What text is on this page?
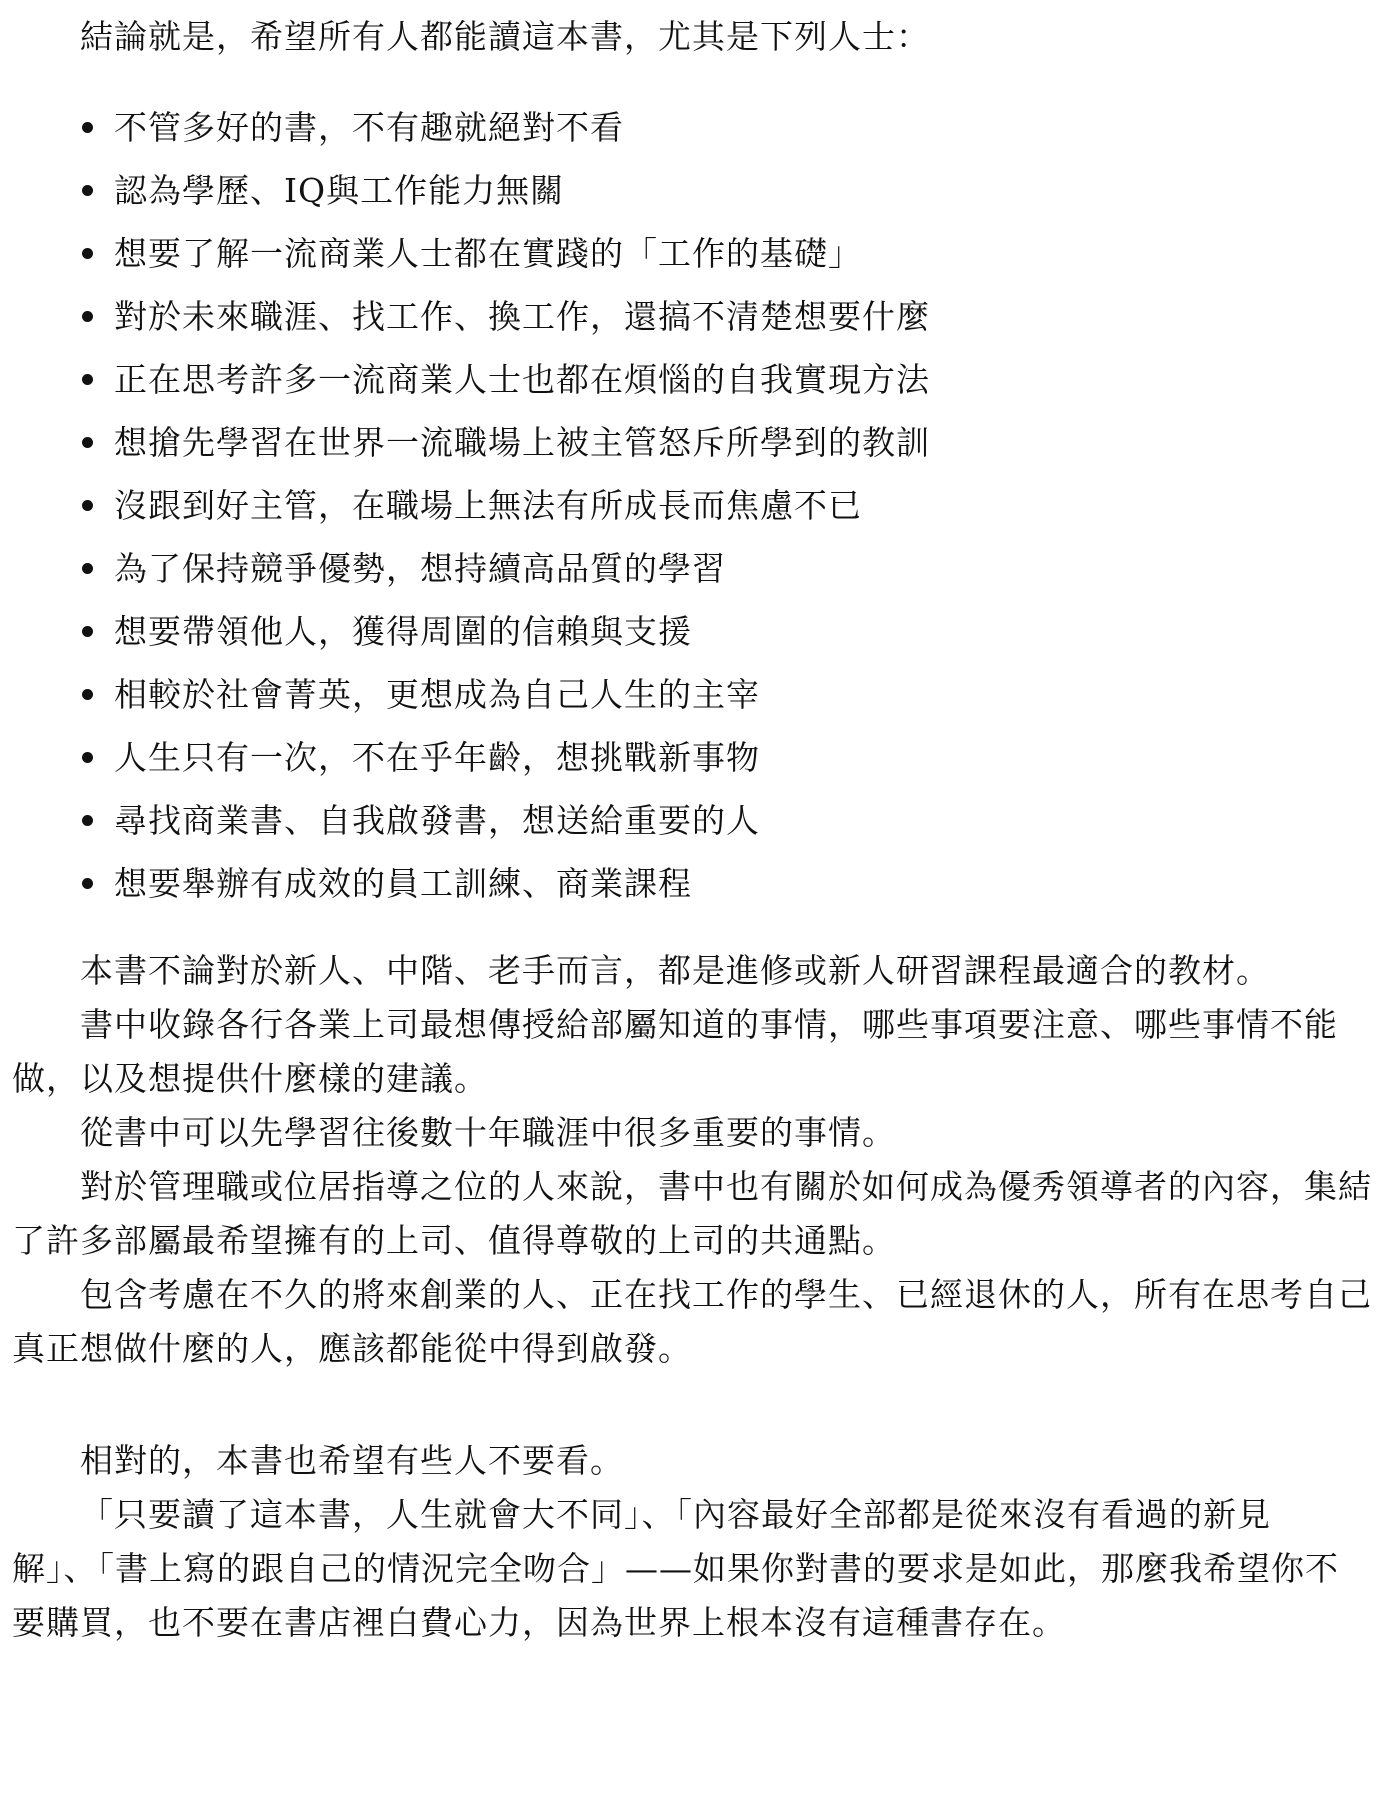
結論就是，希望所有人都能讀這本書，尤其是下列人士：
不管多好的書，不有趣就絕對不看
認為學歷、IQ與工作能力無關
想要了解一流商業人士都在實踐的「工作的基礎」
對於未來職涯、找工作、換工作，還搞不清楚想要什麼
正在思考許多一流商業人士也都在煩惱的自我實現方法
想搶先學習在世界一流職場上被主管怒斥所學到的教訓
沒跟到好主管，在職場上無法有所成長而焦慮不已
為了保持競爭優勢，想持續高品質的學習
想要帶領他人，獲得周圍的信賴與支援
相較於社會菁英，更想成為自己人生的主宰
人生只有一次，不在乎年齡，想挑戰新事物
尋找商業書、自我啟發書，想送給重要的人
想要舉辦有成效的員工訓練、商業課程

本書不論對於新人、中階、老手而言，都是進修或新人研習課程最適合的教材。

書中收錄各行各業上司最想傳授給部屬知道的事情，哪些事項要注意、哪些事情不能
做，以及想提供什麼樣的建議。

從書中可以先學習往後數十年職涯中很多重要的事情。

對於管理職或位居指導之位的人來說，書中也有關於如何成為優秀領導者的內容，集結
了許多部屬最希望擁有的上司、值得尊敬的上司的共通點。

包含考慮在不久的將來創業的人、正在找工作的學生、已經退休的人，所有在思考自己
真正想做什麼的人，應該都能從中得到啟發。

相對的，本書也希望有些人不要看。

「只要讀了這本書，人生就會大不同」、「內容最好全部都是從來沒有看過的新見
解」、「書上寫的跟自己的情況完全吻合」——如果你對書的要求是如此，那麼我希望你不
要購買，也不要在書店裡白費心力，因為世界上根本沒有這種書存在。
